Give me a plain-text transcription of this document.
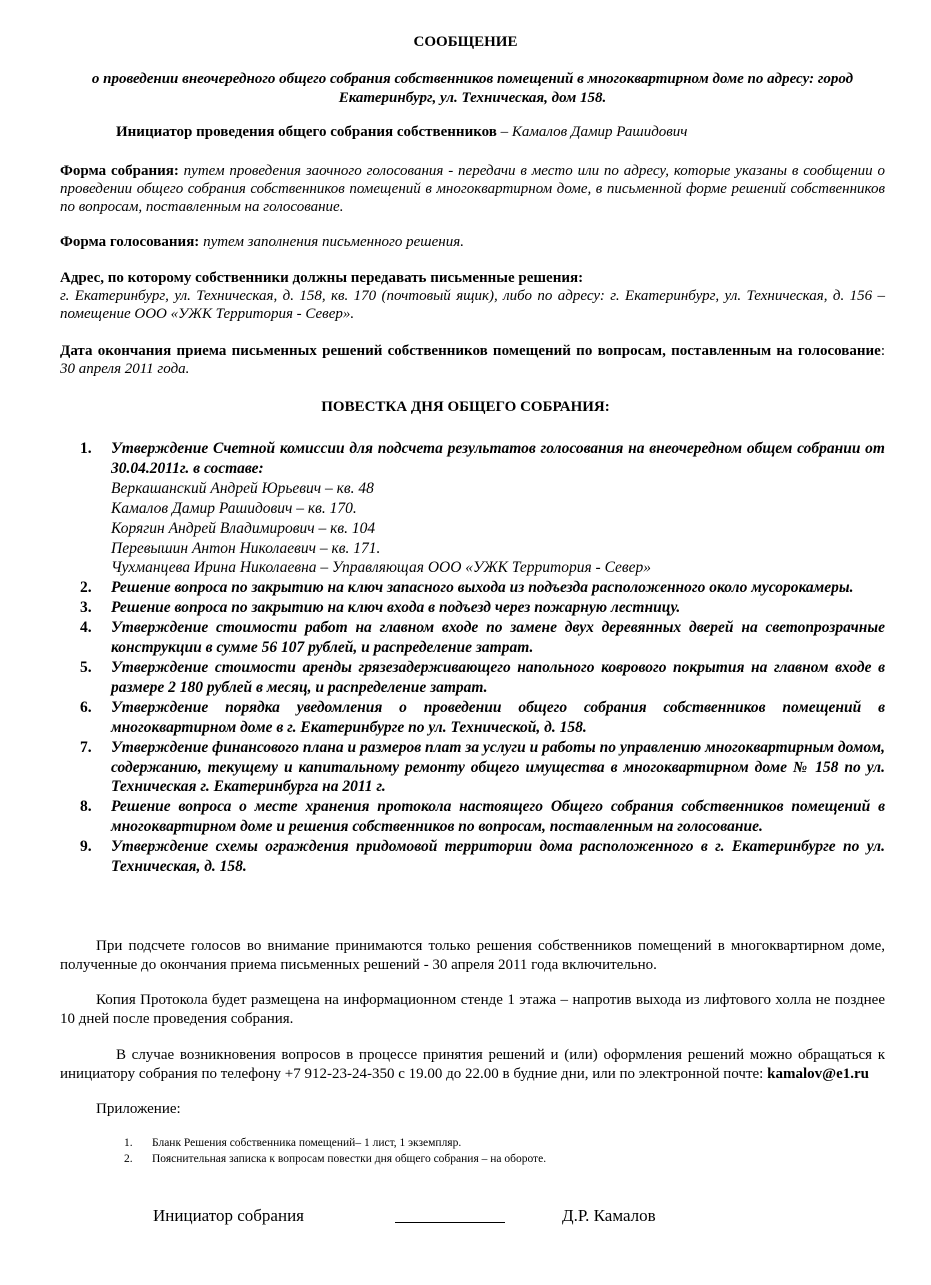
СООБЩЕНИЕ
о проведении внеочередного общего собрания собственников помещений в многоквартирном доме по адресу: город Екатеринбург, ул. Техническая, дом 158.
Инициатор проведения общего собрания собственников – Камалов Дамир Рашидович
Форма собрания: путем проведения заочного голосования - передачи в место или по адресу, которые указаны в сообщении о проведении общего собрания собственников помещений в многоквартирном доме, в письменной форме решений собственников по вопросам, поставленным на голосование.
Форма голосования: путем заполнения письменного решения.
Адрес, по которому собственники должны передавать письменные решения:
г. Екатеринбург, ул. Техническая, д. 158, кв. 170 (почтовый ящик), либо по адресу: г. Екатеринбург, ул. Техническая, д. 156 – помещение ООО «УЖК Территория - Север».
Дата окончания приема письменных решений собственников помещений по вопросам, поставленным на голосование: 30 апреля 2011 года.
ПОВЕСТКА ДНЯ ОБЩЕГО СОБРАНИЯ:
1.	Утверждение Счетной комиссии для подсчета результатов голосования на внеочередном общем собрании от 30.04.2011г. в составе:
Веркашанский Андрей Юрьевич – кв. 48
Камалов Дамир Рашидович – кв. 170.
Корягин Андрей Владимирович – кв. 104
Перевышин Антон Николаевич – кв. 171.
Чухманцева Ирина Николаевна – Управляющая ООО «УЖК Территория - Север»
2.	Решение вопроса по закрытию на ключ запасного выхода из подъезда расположенного около мусорокамеры.
3.	Решение вопроса по закрытию на ключ входа в подъезд через пожарную лестницу.
4.	Утверждение стоимости работ на главном входе по замене двух деревянных дверей на светопрозрачные конструкции в сумме 56 107 рублей, и распределение затрат.
5.	Утверждение стоимости аренды грязезадерживающего напольного коврового покрытия на главном входе в размере 2 180 рублей в месяц, и распределение затрат.
6.	Утверждение порядка уведомления о проведении общего собрания собственников помещений в многоквартирном доме в г. Екатеринбурге по ул. Технической, д. 158.
7.	Утверждение финансового плана и размеров плат за услуги и работы по управлению многоквартирным домом, содержанию, текущему и капитальному ремонту общего имущества в многоквартирном доме № 158 по ул. Техническая г. Екатеринбурга на 2011 г.
8.	Решение вопроса о месте хранения протокола настоящего Общего собрания собственников помещений в многоквартирном доме и решения собственников по вопросам, поставленным на голосование.
9.	Утверждение схемы ограждения придомовой территории дома расположенного в г. Екатеринбурге по ул. Техническая, д. 158.
При подсчете голосов во внимание принимаются только решения собственников помещений в многоквартирном доме, полученные до окончания приема письменных решений - 30 апреля 2011 года включительно.
Копия Протокола будет размещена на информационном стенде 1 этажа – напротив выхода из лифтового холла не позднее 10 дней после проведения собрания.
В случае возникновения вопросов в процессе принятия решений и (или) оформления решений можно обращаться к инициатору собрания по телефону +7 912-23-24-350 с 19.00 до 22.00 в будние дни, или по электронной почте: kamalov@e1.ru
Приложение:
1. Бланк Решения собственника помещений– 1 лист, 1 экземпляр.
2. Пояснительная записка к вопросам повестки дня общего собрания – на обороте.
Инициатор собрания	Д.Р. Камалов
